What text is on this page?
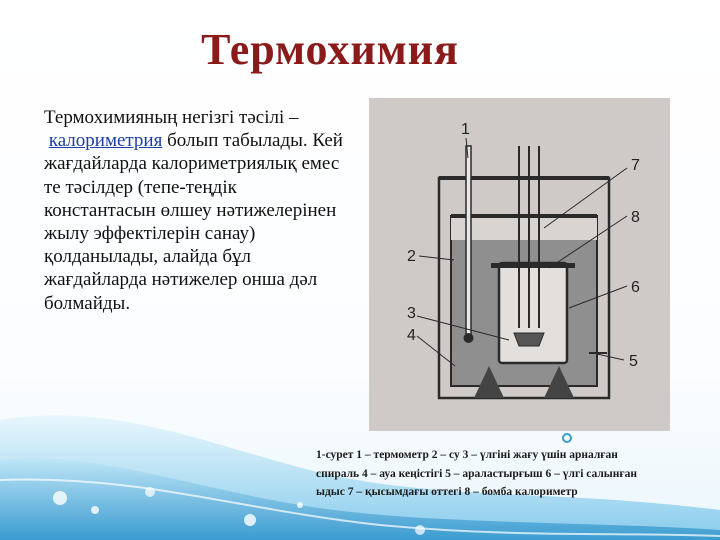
Термохимия
Термохимияның негізгі тәсілі –
калориметрия болып табылады. Кей жағдайларда калориметриялық емес те тәсілдер (тепе-теңдік константасын өлшеу нәтижелерінен жылу эффектілерін санау) қолданылады, алайда бұл жағдайларда нәтижелер онша дәл болмайды.
1
2
3
4
5
6
7
8
1-сурет 1 – термометр 2 – су 3 – үлгіні жағу үшін арналған спираль 4 – ауа кеңістігі 5 – араластырғыш 6 – үлгі салынған ыдыс 7 – қысымдағы оттегі 8 – бомба калориметр
